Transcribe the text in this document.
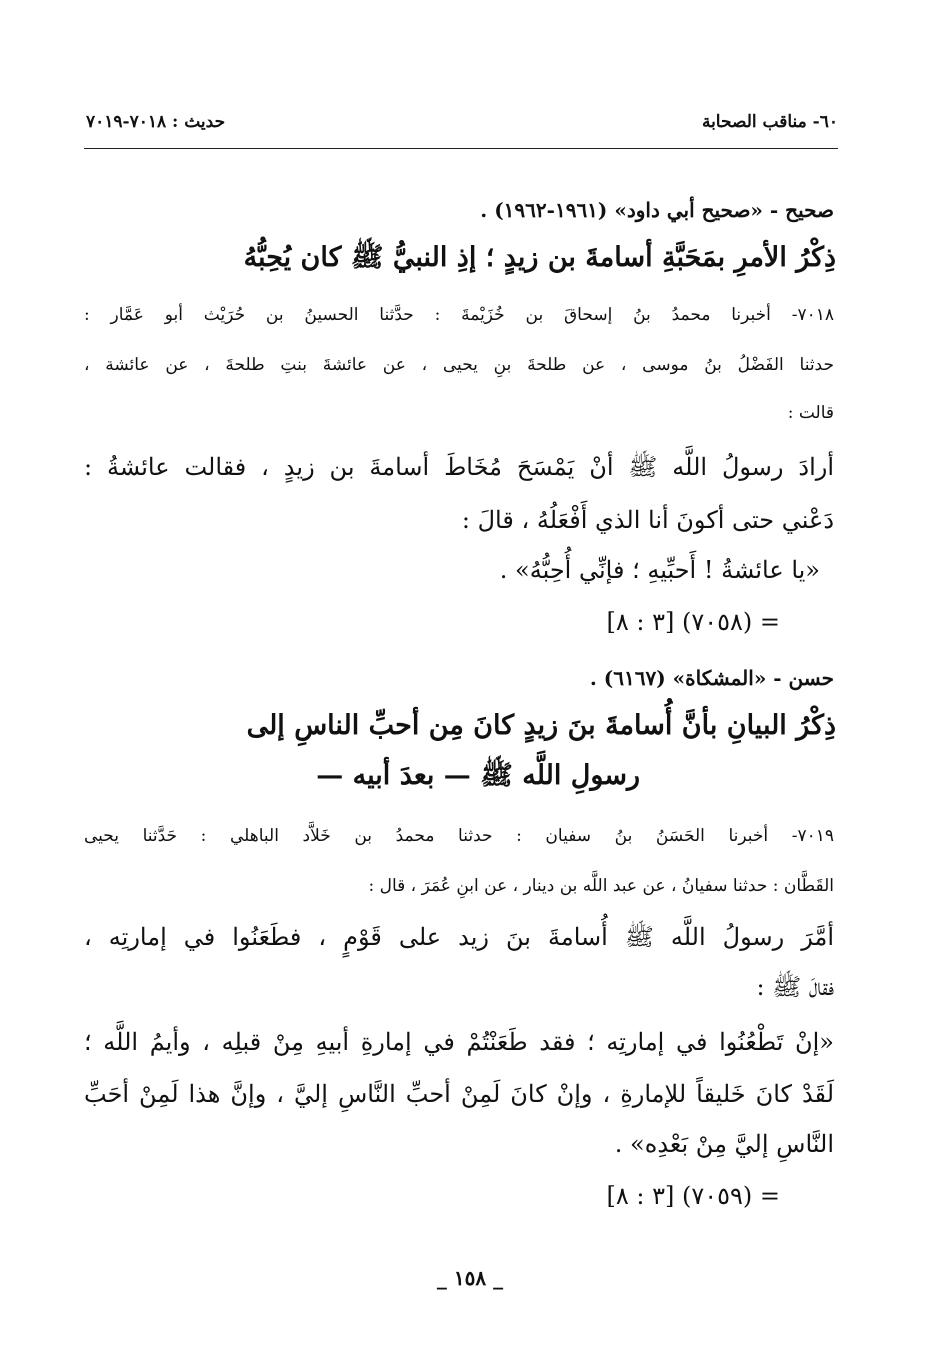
٦٠- مناقب الصحابة
حديث : ٧٠١٨-٧٠١٩
صحيح - «صحيح أبي داود» (١٩٦١-١٩٦٢) .
ذِكْرُ الأمرِ بمَحَبَّةِ أسامةَ بن زيدٍ ؛ إذِ النبيُّ ﷺ كان يُحِبُّهُ
٧٠١٨- أخبرنا محمدُ بنُ إسحاقَ بن خُزَيْمةَ : حدَّثنا الحسينُ بن حُرَيْث أبو عَمَّار :
حدثنا الفَضْلُ بنُ موسى ، عن طلحةَ بنِ يحيى ، عن عائشةَ بنتِ طلحةَ ، عن عائشة ،
قالت :
أرادَ رسولُ اللَّه ﷺ أنْ يَمْسَحَ مُخَاطَ أسامةَ بن زيدٍ ، فقالت عائشةُ :
دَعْني حتى أكونَ أنا الذي أَفْعَلُهُ ، قالَ :
«يا عائشةُ ! أَحبِّيهِ ؛ فإنِّي أُحِبُّهُ» .
= (٧٠٥٨) [٣ : ٨]
حسن - «المشكاة» (٦١٦٧) .
ذِكْرُ البيانِ بأنَّ أُسامةَ بنَ زيدٍ كانَ مِن أحبِّ الناسِ إلى
رسولِ اللَّه ﷺ — بعدَ أبيه —
٧٠١٩- أخبرنا الحَسَنُ بنُ سفيان : حدثنا محمدُ بن خَلاَّد الباهلي : حَدَّثنا يحيى
القَطَّان : حدثنا سفيانُ ، عن عبد اللَّه بن دينار ، عن ابنِ عُمَرَ ، قال :
أمَّرَ رسولُ اللَّه ﷺ أُسامةَ بنَ زيد على قَوْمٍ ، فطَعَنُوا في إمارتِه ،
فقالَ ﷺ :
«إنْ تَطْعُنُوا في إمارتِه ؛ فقد طَعَنْتُمْ في إمارةِ أبيهِ مِنْ قبلِه ، وأيمُ اللَّه ؛
لَقَدْ كانَ خَليقاً للإمارةِ ، وإنْ كانَ لَمِنْ أحبِّ النَّاسِ إليَّ ، وإنَّ هذا لَمِنْ أحَبِّ
النَّاسِ إليَّ مِنْ بَعْدِه» .
= (٧٠٥٩) [٣ : ٨]
_ ١٥٨ _
